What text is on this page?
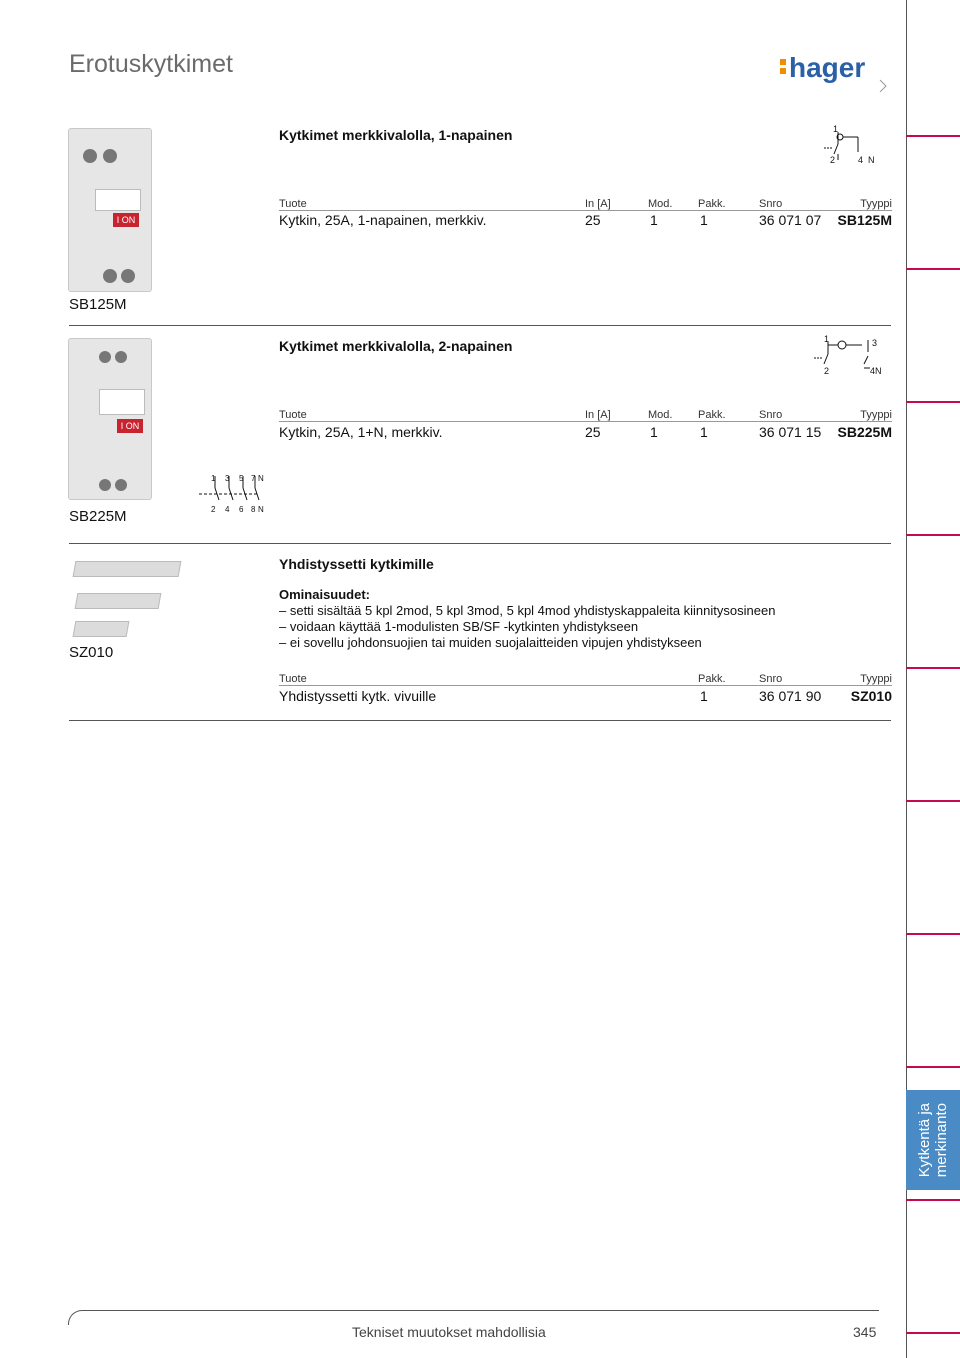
Erotuskytkimet	hager
Kytkentä ja
merkinanto
I ON
Kytkimet merkkivalolla, 1-napainen	1
2	4 N
Tuote	In [A]	Mod. Pakk.	Snro	Tyyppi
Kytkin, 25A, 1-napainen, merkkiv.	25	1	1	36 071 07	SB125M
SB125M
I ON
Kytkimet merkkivalolla, 2-napainen	1	3
2	4N
Tuote	In [A]	Mod. Pakk.	Snro	Tyyppi
Kytkin, 25A, 1+N, merkkiv.	25	1	1	36 071 15	SB225M
1 3 5 7 N
2 4 6 8 N
SB225M
Yhdistyssetti kytkimille
Ominaisuudet:
– setti sisältää 5 kpl 2mod, 5 kpl 3mod, 5 kpl 4mod yhdistyskappaleita kiinnitysosineen
– voidaan käyttää 1-modulisten SB/SF -kytkinten yhdistykseen
– ei sovellu johdonsuojien tai muiden suojalaitteiden vipujen yhdistykseen
SZ010
Tuote	Pakk.	Snro	Tyyppi
Yhdistyssetti kytk. vivuille	1	36 071 90	SZ010
Tekniset muutokset mahdollisia	345
